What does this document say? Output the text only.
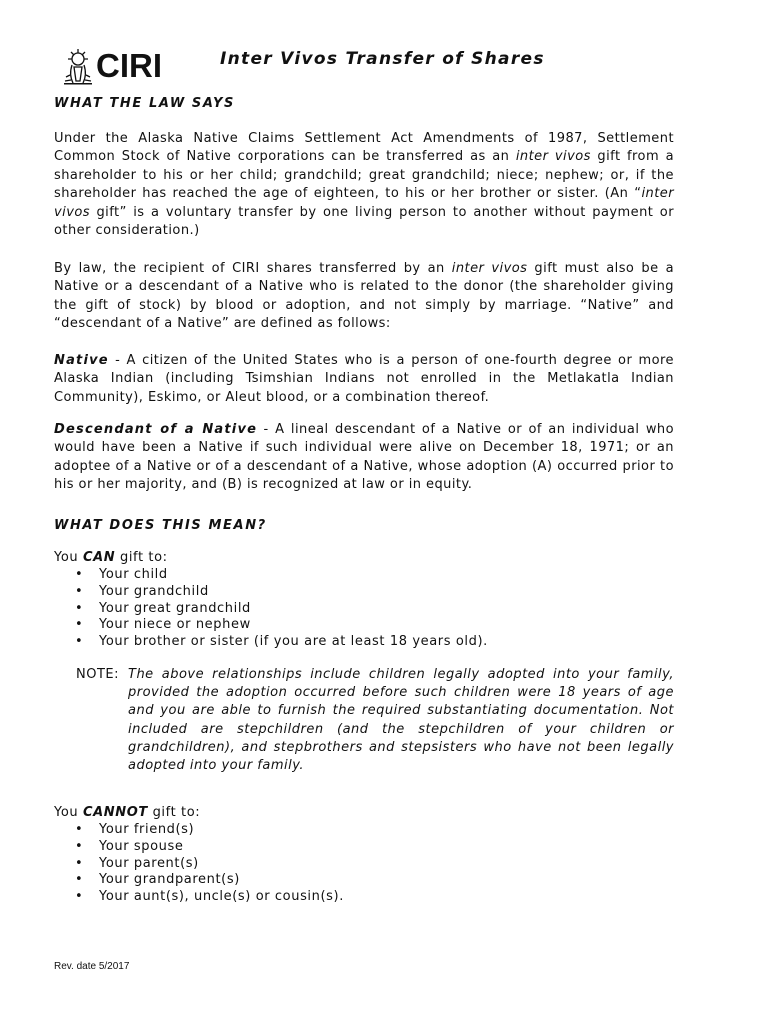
CIRI	Inter Vivos Transfer of Shares
WHAT THE LAW SAYS
Under the Alaska Native Claims Settlement Act Amendments of 1987, Settlement Common Stock of Native corporations can be transferred as an inter vivos gift from a shareholder to his or her child; grandchild; great grandchild; niece; nephew; or, if the shareholder has reached the age of eighteen, to his or her brother or sister. (An “inter vivos gift” is a voluntary transfer by one living person to another without payment or other consideration.)
By law, the recipient of CIRI shares transferred by an inter vivos gift must also be a Native or a descendant of a Native who is related to the donor (the shareholder giving the gift of stock) by blood or adoption, and not simply by marriage. “Native” and “descendant of a Native” are defined as follows:
Native - A citizen of the United States who is a person of one-fourth degree or more Alaska Indian (including Tsimshian Indians not enrolled in the Metlakatla Indian Community), Eskimo, or Aleut blood, or a combination thereof.
Descendant of a Native - A lineal descendant of a Native or of an individual who would have been a Native if such individual were alive on December 18, 1971; or an adoptee of a Native or of a descendant of a Native, whose adoption (A) occurred prior to his or her majority, and (B) is recognized at law or in equity.
WHAT DOES THIS MEAN?
You CAN gift to:
• Your child
• Your grandchild
• Your great grandchild
• Your niece or nephew
• Your brother or sister (if you are at least 18 years old).
NOTE: The above relationships include children legally adopted into your family, provided the adoption occurred before such children were 18 years of age and you are able to furnish the required substantiating documentation. Not included are stepchildren (and the stepchildren of your children or grandchildren), and stepbrothers and stepsisters who have not been legally adopted into your family.
You CANNOT gift to:
• Your friend(s)
• Your spouse
• Your parent(s)
• Your grandparent(s)
• Your aunt(s), uncle(s) or cousin(s).
Rev. date 5/2017
